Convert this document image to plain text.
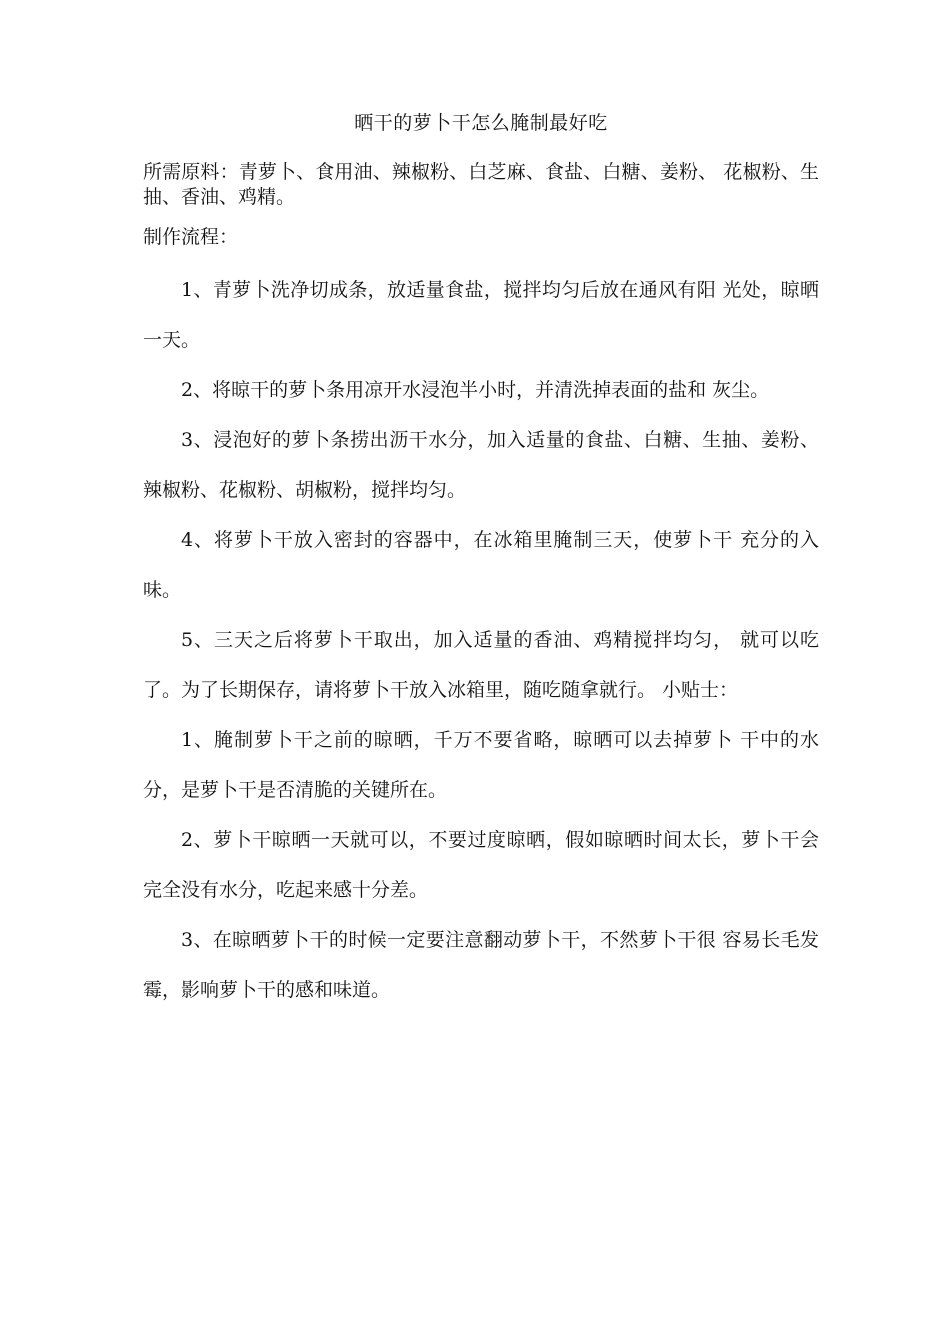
晒干的萝卜干怎么腌制最好吃
所需原料：青萝卜、食用油、辣椒粉、白芝麻、食盐、白糖、姜粉、 花椒粉、生抽、香油、鸡精。
制作流程：

1、青萝卜洗净切成条，放适量食盐，搅拌均匀后放在通风有阳 光处，晾晒一天。

2、将晾干的萝卜条用凉开水浸泡半小时，并清洗掉表面的盐和 灰尘。

3、浸泡好的萝卜条捞出沥干水分，加入适量的食盐、白糖、生抽、姜粉、辣椒粉、花椒粉、胡椒粉，搅拌均匀。

4、将萝卜干放入密封的容器中，在冰箱里腌制三天，使萝卜干 充分的入味。

5、三天之后将萝卜干取出，加入适量的香油、鸡精搅拌均匀， 就可以吃了。为了长期保存，请将萝卜干放入冰箱里，随吃随拿就行。 小贴士：

1、腌制萝卜干之前的晾晒，千万不要省略，晾晒可以去掉萝卜 干中的水分，是萝卜干是否清脆的关键所在。

2、萝卜干晾晒一天就可以，不要过度晾晒，假如晾晒时间太长，萝卜干会完全没有水分，吃起来感十分差。

3、在晾晒萝卜干的时候一定要注意翻动萝卜干，不然萝卜干很 容易长毛发霉，影响萝卜干的感和味道。
